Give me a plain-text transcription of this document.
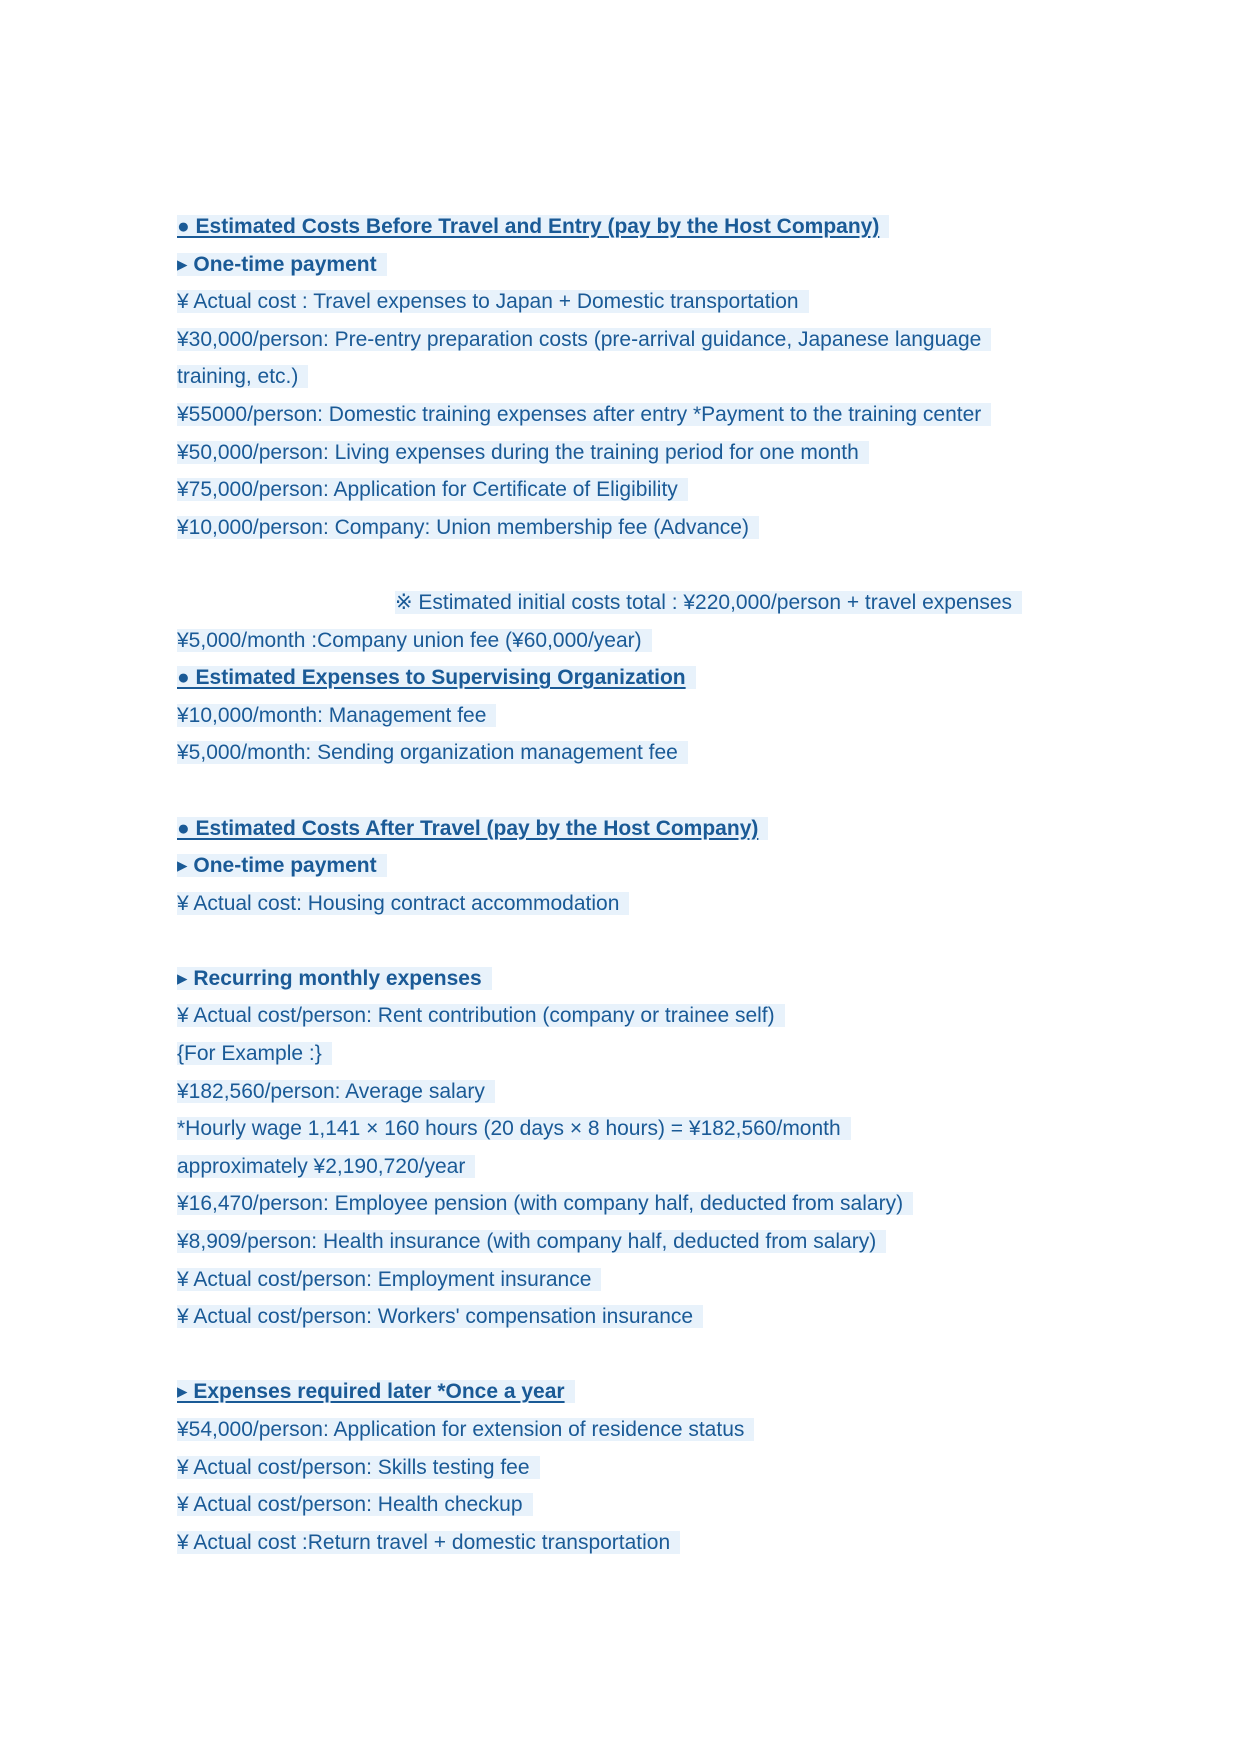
● Estimated Costs Before Travel and Entry (pay by the Host Company)
▸ One-time payment
¥ Actual cost : Travel expenses to Japan + Domestic transportation
¥30,000/person: Pre-entry preparation costs (pre-arrival guidance, Japanese language
training, etc.)
¥55000/person: Domestic training expenses after entry *Payment to the training center
¥50,000/person: Living expenses during the training period for one month
¥75,000/person: Application for Certificate of Eligibility
¥10,000/person: Company: Union membership fee (Advance)
※ Estimated initial costs total : ¥220,000/person + travel expenses
¥5,000/month :Company union fee (¥60,000/year)
● Estimated Expenses to Supervising Organization
¥10,000/month: Management fee
¥5,000/month: Sending organization management fee
● Estimated Costs After Travel (pay by the Host Company)
▸ One-time payment
¥ Actual cost: Housing contract accommodation
▸ Recurring monthly expenses
¥ Actual cost/person: Rent contribution (company or trainee self)
{For Example :}
¥182,560/person: Average salary
*Hourly wage 1,141 × 160 hours (20 days × 8 hours) = ¥182,560/month
approximately ¥2,190,720/year
¥16,470/person: Employee pension (with company half, deducted from salary)
¥8,909/person: Health insurance (with company half, deducted from salary)
¥ Actual cost/person: Employment insurance
¥ Actual cost/person: Workers' compensation insurance
▸ Expenses required later *Once a year
¥54,000/person: Application for extension of residence status
¥ Actual cost/person: Skills testing fee
¥ Actual cost/person: Health checkup
¥ Actual cost :Return travel + domestic transportation
